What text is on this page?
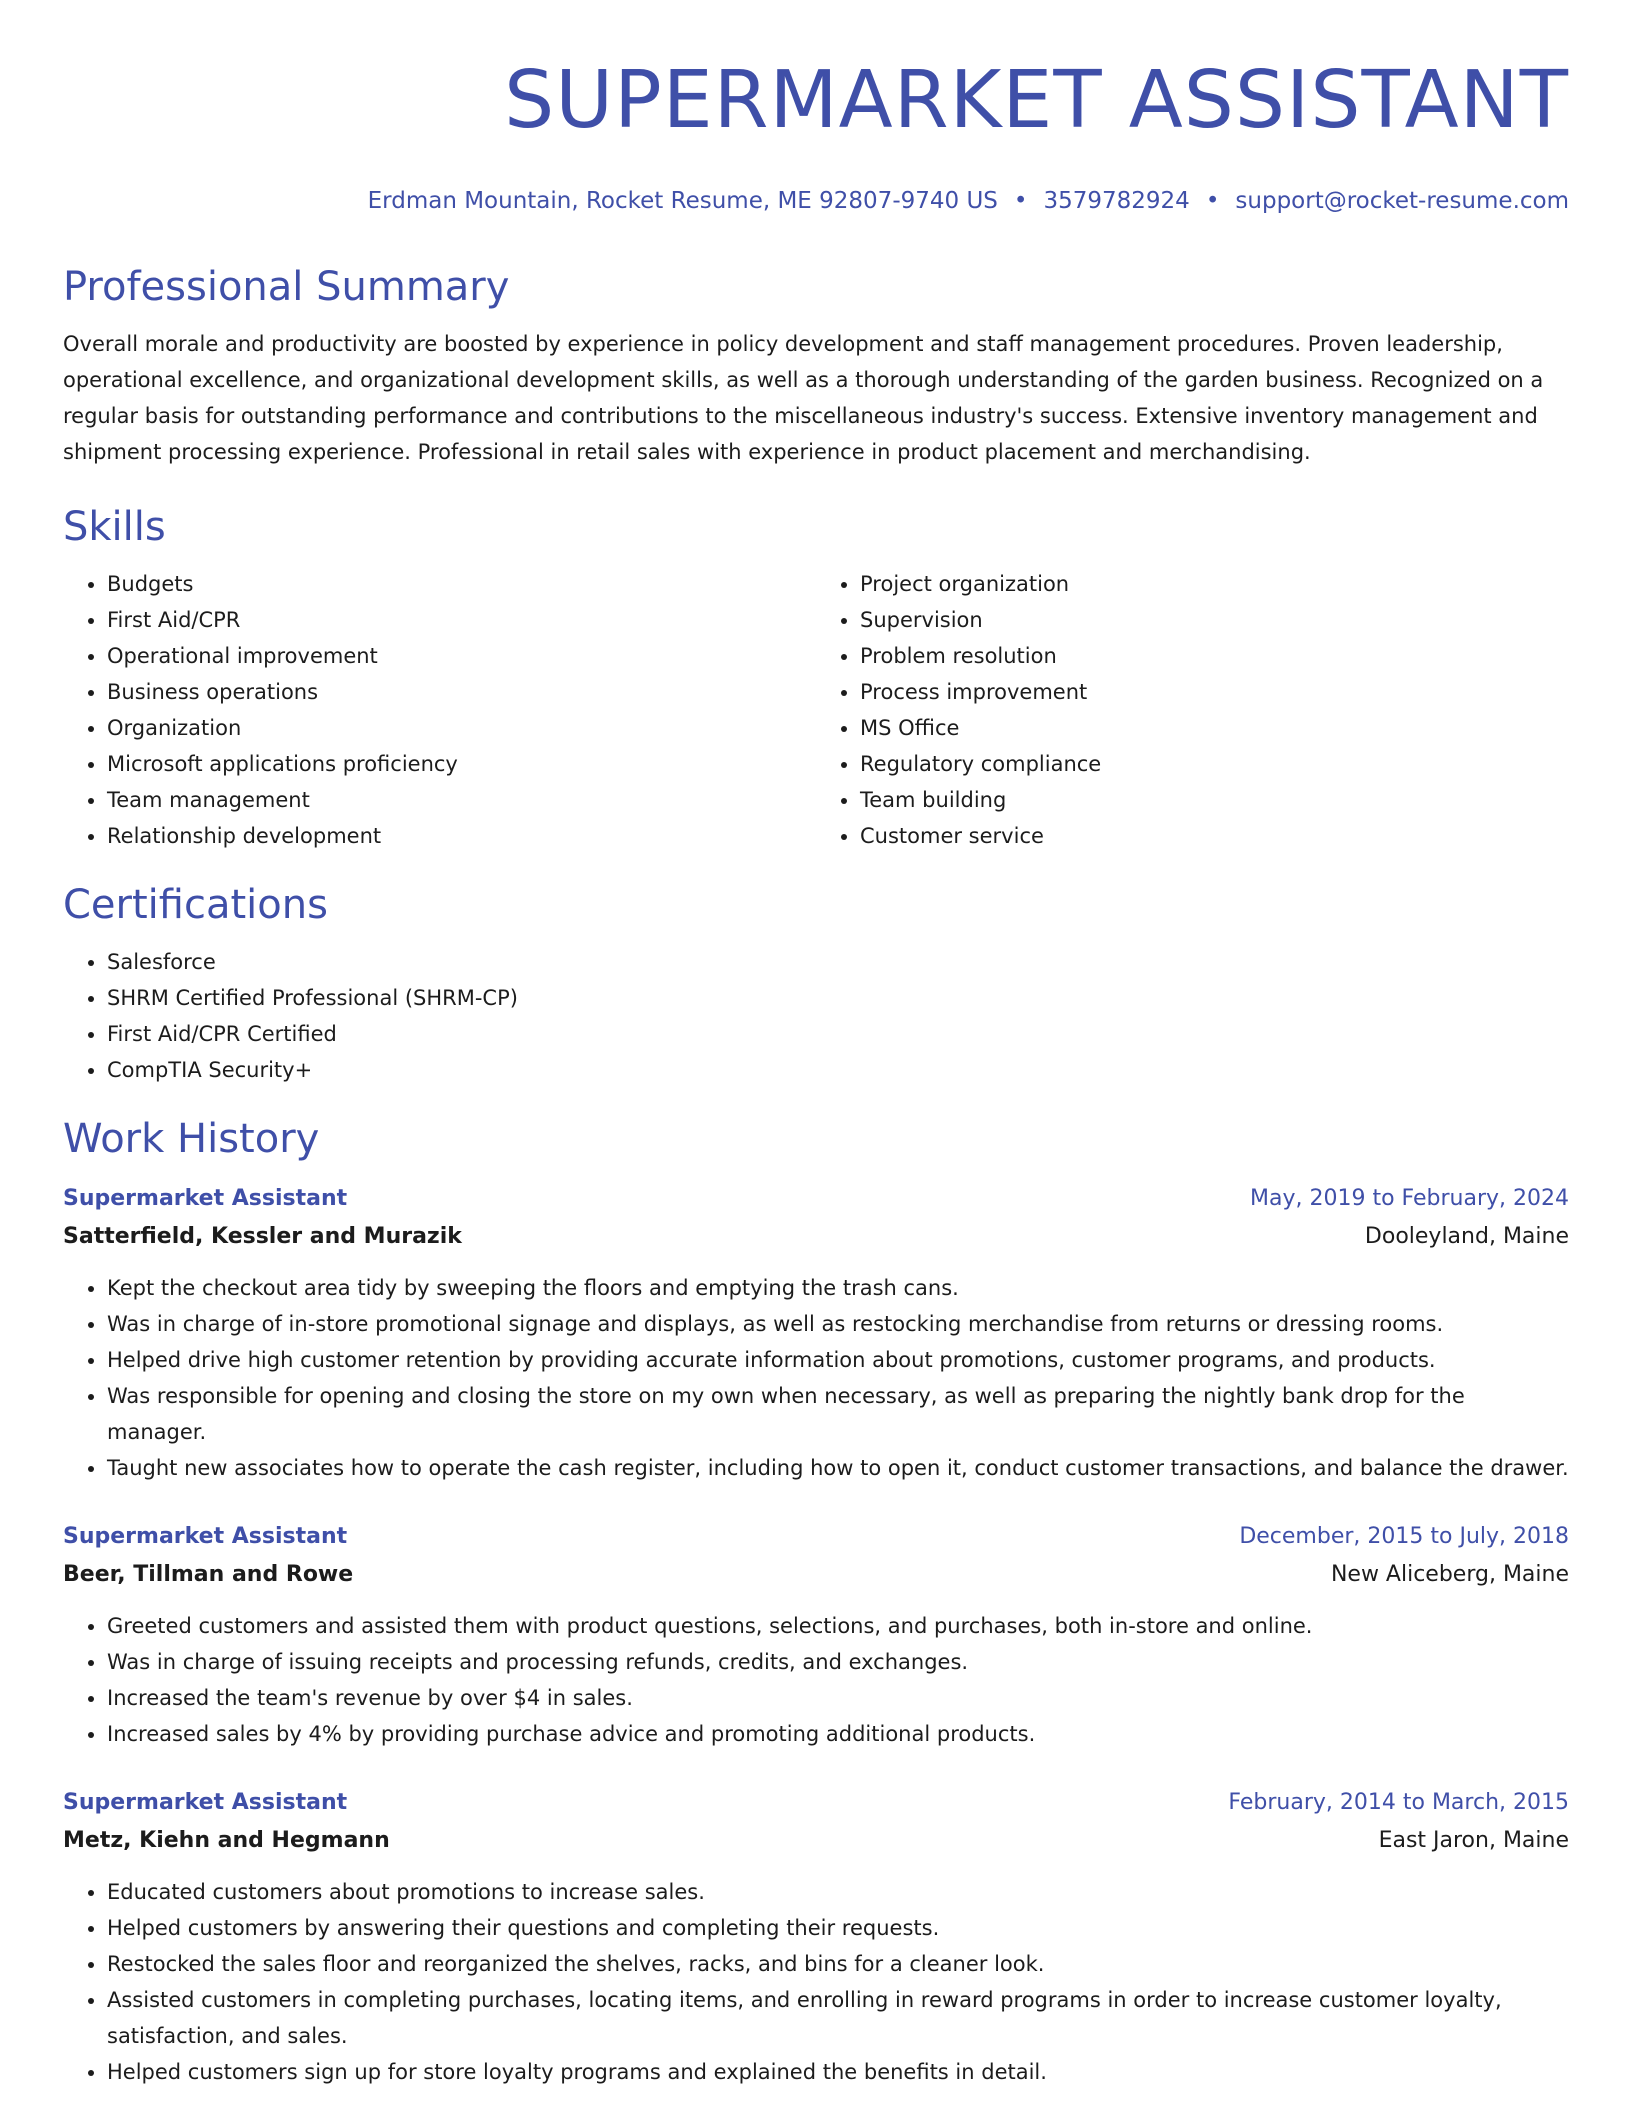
SUPERMARKET ASSISTANT
Erdman Mountain, Rocket Resume, ME 92807-9740 US • 3579782924 • support@rocket-resume.com
Professional Summary
Overall morale and productivity are boosted by experience in policy development and staff management procedures. Proven leadership, operational excellence, and organizational development skills, as well as a thorough understanding of the garden business. Recognized on a regular basis for outstanding performance and contributions to the miscellaneous industry's success. Extensive inventory management and shipment processing experience. Professional in retail sales with experience in product placement and merchandising.
Skills
• Budgets
• First Aid/CPR
• Operational improvement
• Business operations
• Organization
• Microsoft applications proficiency
• Team management
• Relationship development
• Project organization
• Supervision
• Problem resolution
• Process improvement
• MS Office
• Regulatory compliance
• Team building
• Customer service
Certifications
• Salesforce
• SHRM Certified Professional (SHRM-CP)
• First Aid/CPR Certified
• CompTIA Security+
Work History
Supermarket Assistant	May, 2019 to February, 2024
Satterfield, Kessler and Murazik	Dooleyland, Maine
• Kept the checkout area tidy by sweeping the floors and emptying the trash cans.
• Was in charge of in-store promotional signage and displays, as well as restocking merchandise from returns or dressing rooms.
• Helped drive high customer retention by providing accurate information about promotions, customer programs, and products.
• Was responsible for opening and closing the store on my own when necessary, as well as preparing the nightly bank drop for the manager.
• Taught new associates how to operate the cash register, including how to open it, conduct customer transactions, and balance the drawer.
Supermarket Assistant	December, 2015 to July, 2018
Beer, Tillman and Rowe	New Aliceberg, Maine
• Greeted customers and assisted them with product questions, selections, and purchases, both in-store and online.
• Was in charge of issuing receipts and processing refunds, credits, and exchanges.
• Increased the team's revenue by over $4 in sales.
• Increased sales by 4% by providing purchase advice and promoting additional products.
Supermarket Assistant	February, 2014 to March, 2015
Metz, Kiehn and Hegmann	East Jaron, Maine
• Educated customers about promotions to increase sales.
• Helped customers by answering their questions and completing their requests.
• Restocked the sales floor and reorganized the shelves, racks, and bins for a cleaner look.
• Assisted customers in completing purchases, locating items, and enrolling in reward programs in order to increase customer loyalty, satisfaction, and sales.
• Helped customers sign up for store loyalty programs and explained the benefits in detail.
